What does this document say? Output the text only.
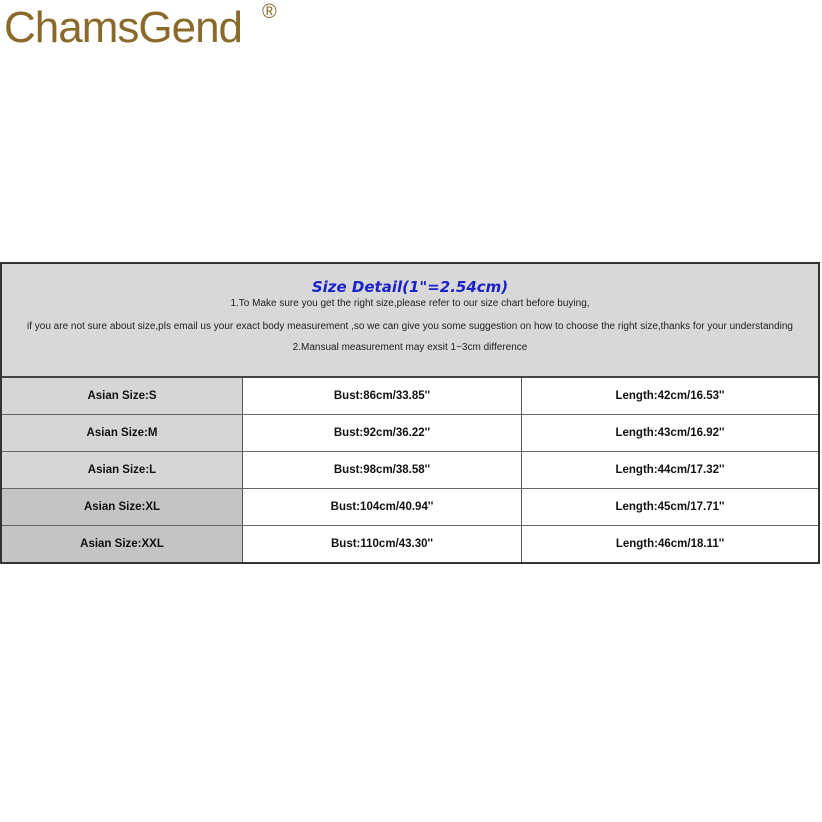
ChamsGend ®
Size Detail(1"=2.54cm)
1.To Make sure you get the right size,please refer to our size chart before buying,
if you are not sure about size,pls email us your exact body measurement ,so we can give you some suggestion on how to choose the right size,thanks for your understanding
2.Mansual measurement may exsit 1~3cm difference
Asian Size:S	Bust:86cm/33.85''	Length:42cm/16.53''
Asian Size:M	Bust:92cm/36.22''	Length:43cm/16.92''
Asian Size:L	Bust:98cm/38.58''	Length:44cm/17.32''
Asian Size:XL	Bust:104cm/40.94''	Length:45cm/17.71''
Asian Size:XXL	Bust:110cm/43.30''	Length:46cm/18.11''
